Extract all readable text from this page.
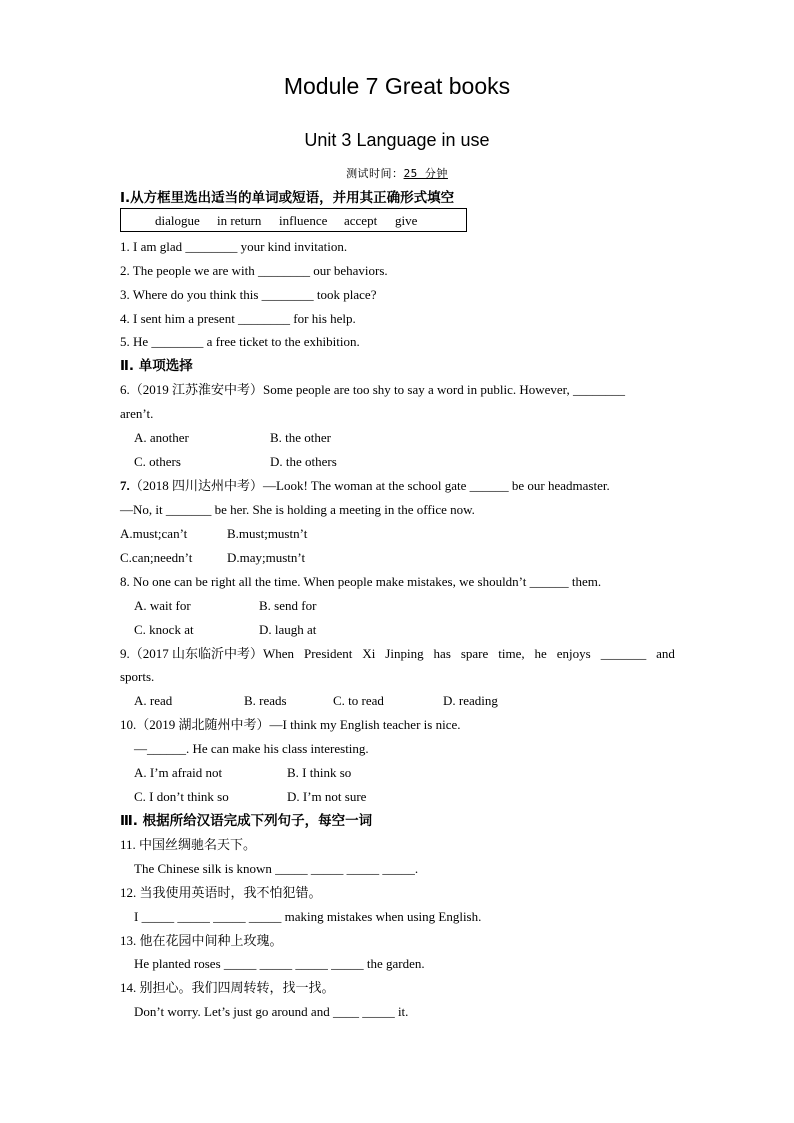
Module 7 Great books
Unit 3 Language in use
测试时间：25 分钟
Ⅰ.从方框里选出适当的单词或短语，并用其正确形式填空
dialogue in return influence accept give
1. I am glad ________ your kind invitation.
2. The people we are with ________ our behaviors.
3. Where do you think this ________ took place?
4. I sent him a present ________ for his help.
5. He ________ a free ticket to the exhibition.
Ⅱ. 单项选择
6.（2019 江苏淮安中考）Some people are too shy to say a word in public. However, ________
aren’t.
A. another	B. the other
C. others	D. the others
7.（2018 四川达州中考）—Look! The woman at the school gate ______ be our headmaster.
—No, it _______ be her. She is holding a meeting in the office now.
A.must;can’t	B.must;mustn’t
C.can;needn’t	D.may;mustn’t
8. No one can be right all the time. When people make mistakes, we shouldn’t ______ them.
A. wait for	B. send for
C. knock at	D. laugh at
9.（2017 山东临沂中考）When President Xi Jinping has spare time, he enjoys _______ and
sports.
A. read	B. reads	C. to read	D. reading
10.（2019 湖北随州中考）—I think my English teacher is nice.
—______. He can make his class interesting.
A. I’m afraid not	B. I think so
C. I don’t think so	D. I’m not sure
Ⅲ. 根据所给汉语完成下列句子，每空一词
11. 中国丝绸驰名天下。
The Chinese silk is known _____ _____ _____ _____.
12. 当我使用英语时，我不怕犯错。
I _____ _____ _____ _____ making mistakes when using English.
13. 他在花园中间种上玫瑰。
He planted roses _____ _____ _____ _____ the garden.
14. 别担心。我们四周转转，找一找。
Don’t worry. Let’s just go around and ____ _____ it.
